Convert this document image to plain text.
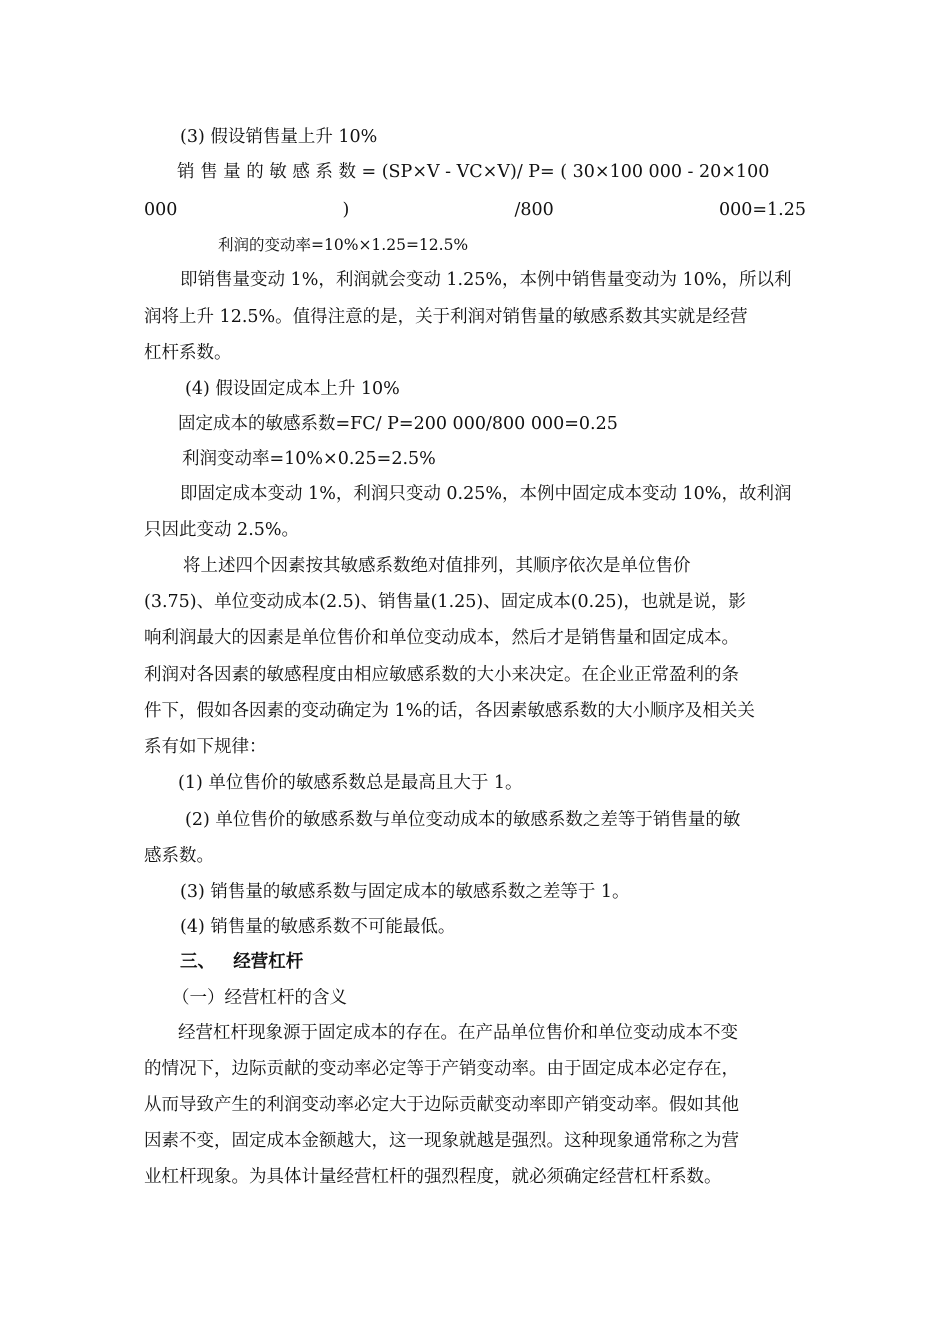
(3) 假设销售量上升 10%
销 售 量 的 敏 感 系 数 = (SP×V - VC×V)/ P= ( 30×100 000 - 20×100
000	)	/800	000=1.25
利润的变动率=10%×1.25=12.5%
即销售量变动 1%，利润就会变动 1.25%，本例中销售量变动为 10%，所以利
润将上升 12.5%。值得注意的是，关于利润对销售量的敏感系数其实就是经营
杠杆系数。
(4) 假设固定成本上升 10%
固定成本的敏感系数=FC/ P=200 000/800 000=0.25
利润变动率=10%×0.25=2.5%
即固定成本变动 1%，利润只变动 0.25%，本例中固定成本变动 10%，故利润
只因此变动 2.5%。
将上述四个因素按其敏感系数绝对值排列，其顺序依次是单位售价
(3.75)、单位变动成本(2.5)、销售量(1.25)、固定成本(0.25)，也就是说，影
响利润最大的因素是单位售价和单位变动成本，然后才是销售量和固定成本。
利润对各因素的敏感程度由相应敏感系数的大小来决定。在企业正常盈利的条
件下，假如各因素的变动确定为 1%的话，各因素敏感系数的大小顺序及相关关
系有如下规律：
(1) 单位售价的敏感系数总是最高且大于 1。
(2) 单位售价的敏感系数与单位变动成本的敏感系数之差等于销售量的敏
感系数。
(3) 销售量的敏感系数与固定成本的敏感系数之差等于 1。
(4) 销售量的敏感系数不可能最低。
三、   经营杠杆
（一）经营杠杆的含义
经营杠杆现象源于固定成本的存在。在产品单位售价和单位变动成本不变
的情况下，边际贡献的变动率必定等于产销变动率。由于固定成本必定存在，
从而导致产生的利润变动率必定大于边际贡献变动率即产销变动率。假如其他
因素不变，固定成本金额越大，这一现象就越是强烈。这种现象通常称之为营
业杠杆现象。为具体计量经营杠杆的强烈程度，就必须确定经营杠杆系数。
